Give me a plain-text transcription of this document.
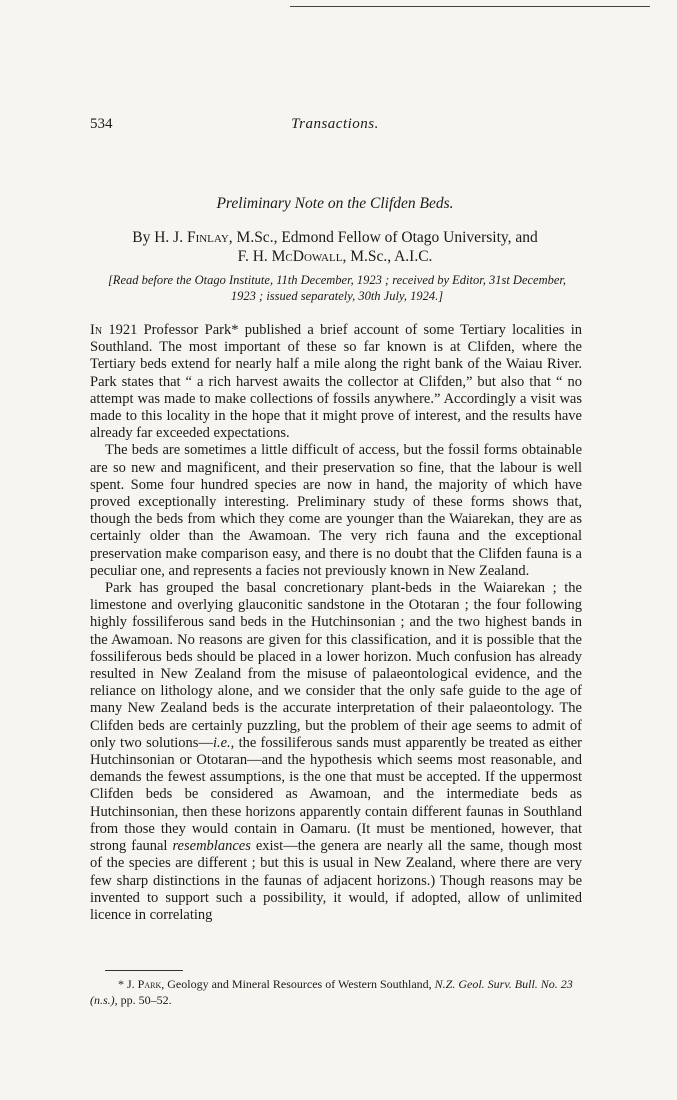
534	Transactions.
Preliminary Note on the Clifden Beds.
By H. J. Finlay, M.Sc., Edmond Fellow of Otago University, and
F. H. McDowall, M.Sc., A.I.C.
[Read before the Otago Institute, 11th December, 1923 ; received by Editor, 31st December,
1923 ; issued separately, 30th July, 1924.]

In 1921 Professor Park* published a brief account of some Tertiary localities in Southland. The most important of these so far known is at Clifden, where the Tertiary beds extend for nearly half a mile along the right bank of the Waiau River. Park states that “ a rich harvest awaits the collector at Clifden,” but also that “ no attempt was made to make collections of fossils anywhere.” Accordingly a visit was made to this locality in the hope that it might prove of interest, and the results have already far exceeded expectations.

The beds are sometimes a little difficult of access, but the fossil forms obtainable are so new and magnificent, and their preservation so fine, that the labour is well spent. Some four hundred species are now in hand, the majority of which have proved exceptionally interesting. Preliminary study of these forms shows that, though the beds from which they come are younger than the Waiarekan, they are as certainly older than the Awamoan. The very rich fauna and the exceptional preservation make comparison easy, and there is no doubt that the Clifden fauna is a peculiar one, and represents a facies not previously known in New Zealand.

Park has grouped the basal concretionary plant-beds in the Waiarekan ; the limestone and overlying glauconitic sandstone in the Ototaran ; the four following highly fossiliferous sand beds in the Hutchinsonian ; and the two highest bands in the Awamoan. No reasons are given for this classification, and it is possible that the fossiliferous beds should be placed in a lower horizon. Much confusion has already resulted in New Zealand from the misuse of palaeontological evidence, and the reliance on lithology alone, and we consider that the only safe guide to the age of many New Zealand beds is the accurate interpretation of their palaeontology. The Clifden beds are certainly puzzling, but the problem of their age seems to admit of only two solutions—i.e., the fossiliferous sands must apparently be treated as either Hutchinsonian or Ototaran—and the hypothesis which seems most reasonable, and demands the fewest assumptions, is the one that must be accepted. If the uppermost Clifden beds be considered as Awamoan, and the intermediate beds as Hutchinsonian, then these horizons apparently contain different faunas in Southland from those they would contain in Oamaru. (It must be mentioned, however, that strong faunal resemblances exist—the genera are nearly all the same, though most of the species are different ; but this is usual in New Zealand, where there are very few sharp distinctions in the faunas of adjacent horizons.) Though reasons may be invented to support such a possibility, it would, if adopted, allow of unlimited licence in correlating

* J. Park, Geology and Mineral Resources of Western Southland, N.Z. Geol. Surv. Bull. No. 23 (n.s.), pp. 50–52.
